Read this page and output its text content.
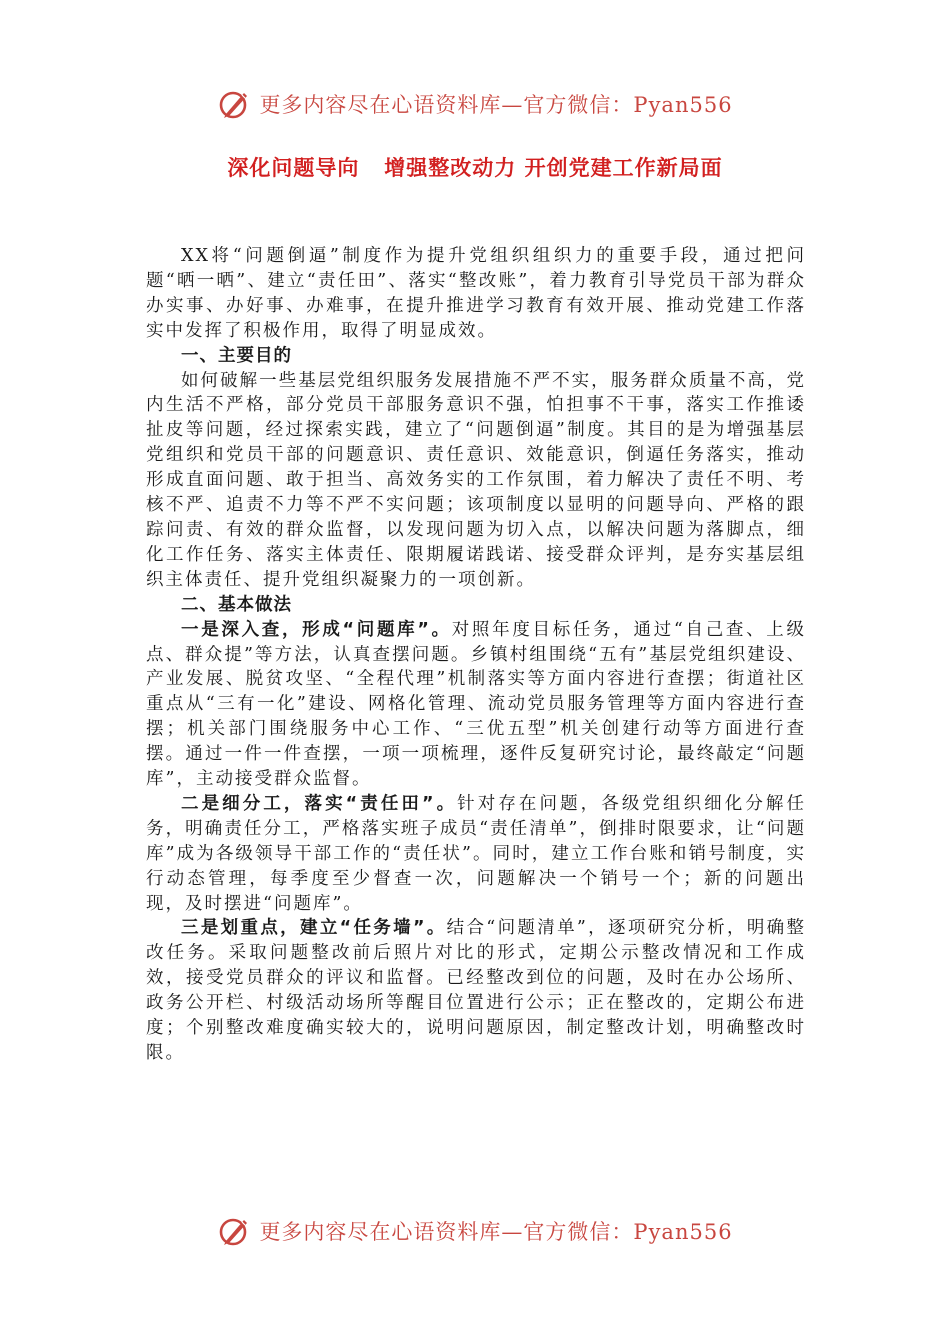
更多内容尽在心语资料库—官方微信：Pyan556
深化问题导向   增强整改动力 开创党建工作新局面

XX将“问题倒逼”制度作为提升党组织组织力的重要手段，通过把问题“晒一晒”、建立“责任田”、落实“整改账”，着力教育引导党员干部为群众办实事、办好事、办难事，在提升推进学习教育有效开展、推动党建工作落实中发挥了积极作用，取得了明显成效。

一、主要目的

如何破解一些基层党组织服务发展措施不严不实，服务群众质量不高，党内生活不严格，部分党员干部服务意识不强，怕担事不干事，落实工作推诿扯皮等问题，经过探索实践，建立了“问题倒逼”制度。其目的是为增强基层党组织和党员干部的问题意识、责任意识、效能意识，倒逼任务落实，推动形成直面问题、敢于担当、高效务实的工作氛围，着力解决了责任不明、考核不严、追责不力等不严不实问题；该项制度以显明的问题导向、严格的跟踪问责、有效的群众监督，以发现问题为切入点，以解决问题为落脚点，细化工作任务、落实主体责任、限期履诺践诺、接受群众评判，是夯实基层组织主体责任、提升党组织凝聚力的一项创新。

二、基本做法

一是深入查，形成“问题库”。对照年度目标任务，通过“自己查、上级点、群众提”等方法，认真查摆问题。乡镇村组围绕“五有”基层党组织建设、产业发展、脱贫攻坚、“全程代理”机制落实等方面内容进行查摆；街道社区重点从“三有一化”建设、网格化管理、流动党员服务管理等方面内容进行查摆；机关部门围绕服务中心工作、“三优五型”机关创建行动等方面进行查摆。通过一件一件查摆，一项一项梳理，逐件反复研究讨论，最终敲定“问题库”，主动接受群众监督。

二是细分工，落实“责任田”。针对存在问题，各级党组织细化分解任务，明确责任分工，严格落实班子成员“责任清单”，倒排时限要求，让“问题库”成为各级领导干部工作的“责任状”。同时，建立工作台账和销号制度，实行动态管理，每季度至少督查一次，问题解决一个销号一个；新的问题出现，及时摆进“问题库”。

三是划重点，建立“任务墙”。结合“问题清单”，逐项研究分析，明确整改任务。采取问题整改前后照片对比的形式，定期公示整改情况和工作成效，接受党员群众的评议和监督。已经整改到位的问题，及时在办公场所、政务公开栏、村级活动场所等醒目位置进行公示；正在整改的，定期公布进度；个别整改难度确实较大的，说明问题原因，制定整改计划，明确整改时限。

更多内容尽在心语资料库—官方微信：Pyan556
